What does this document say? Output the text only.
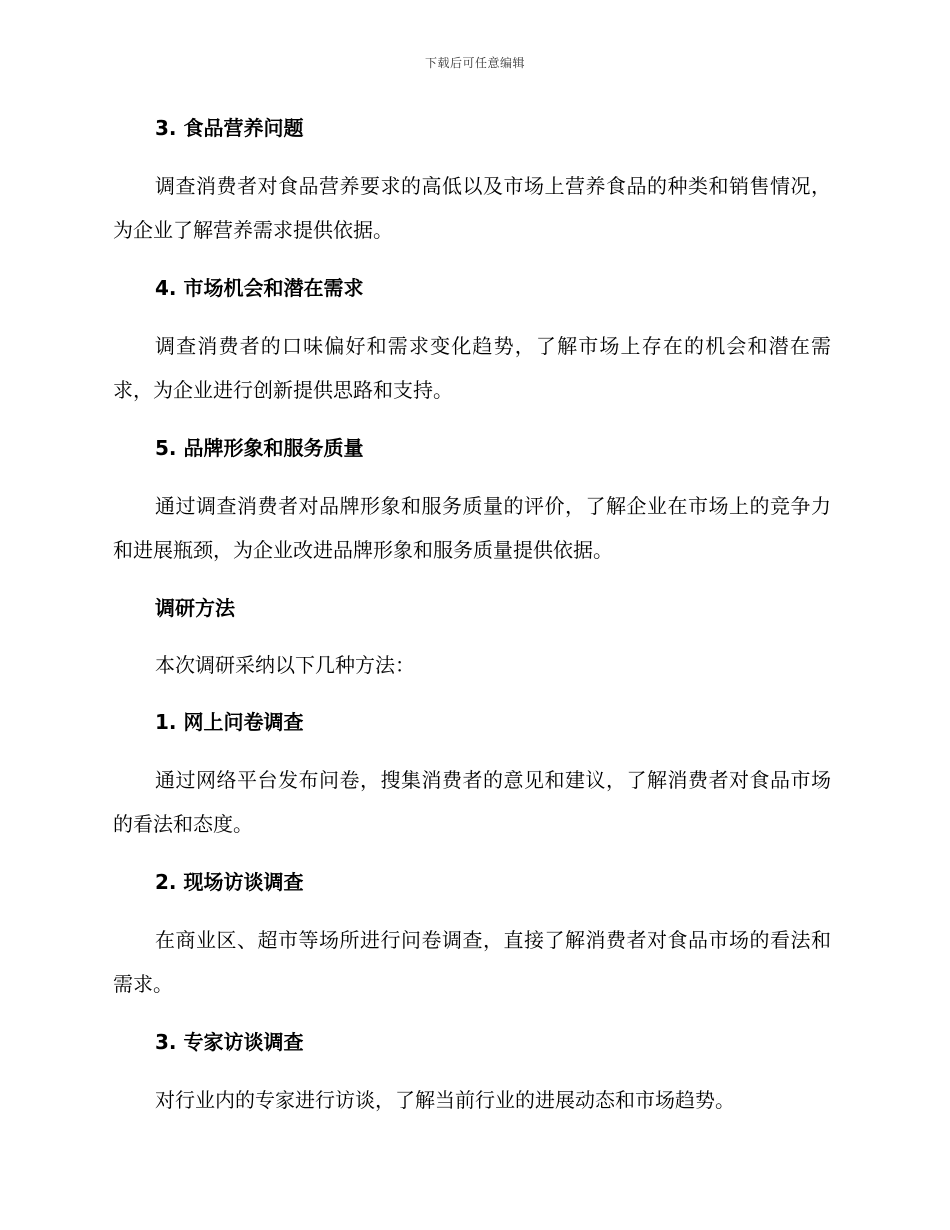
下载后可任意编辑
3. 食品营养问题
调查消费者对食品营养要求的高低以及市场上营养食品的种类和销售情况，为企业了解营养需求提供依据。
4. 市场机会和潜在需求
调查消费者的口味偏好和需求变化趋势，了解市场上存在的机会和潜在需求，为企业进行创新提供思路和支持。
5. 品牌形象和服务质量
通过调查消费者对品牌形象和服务质量的评价，了解企业在市场上的竞争力和进展瓶颈，为企业改进品牌形象和服务质量提供依据。
调研方法
本次调研采纳以下几种方法：
1. 网上问卷调查
通过网络平台发布问卷，搜集消费者的意见和建议，了解消费者对食品市场的看法和态度。
2. 现场访谈调查
在商业区、超市等场所进行问卷调查，直接了解消费者对食品市场的看法和需求。
3. 专家访谈调查
对行业内的专家进行访谈，了解当前行业的进展动态和市场趋势。
